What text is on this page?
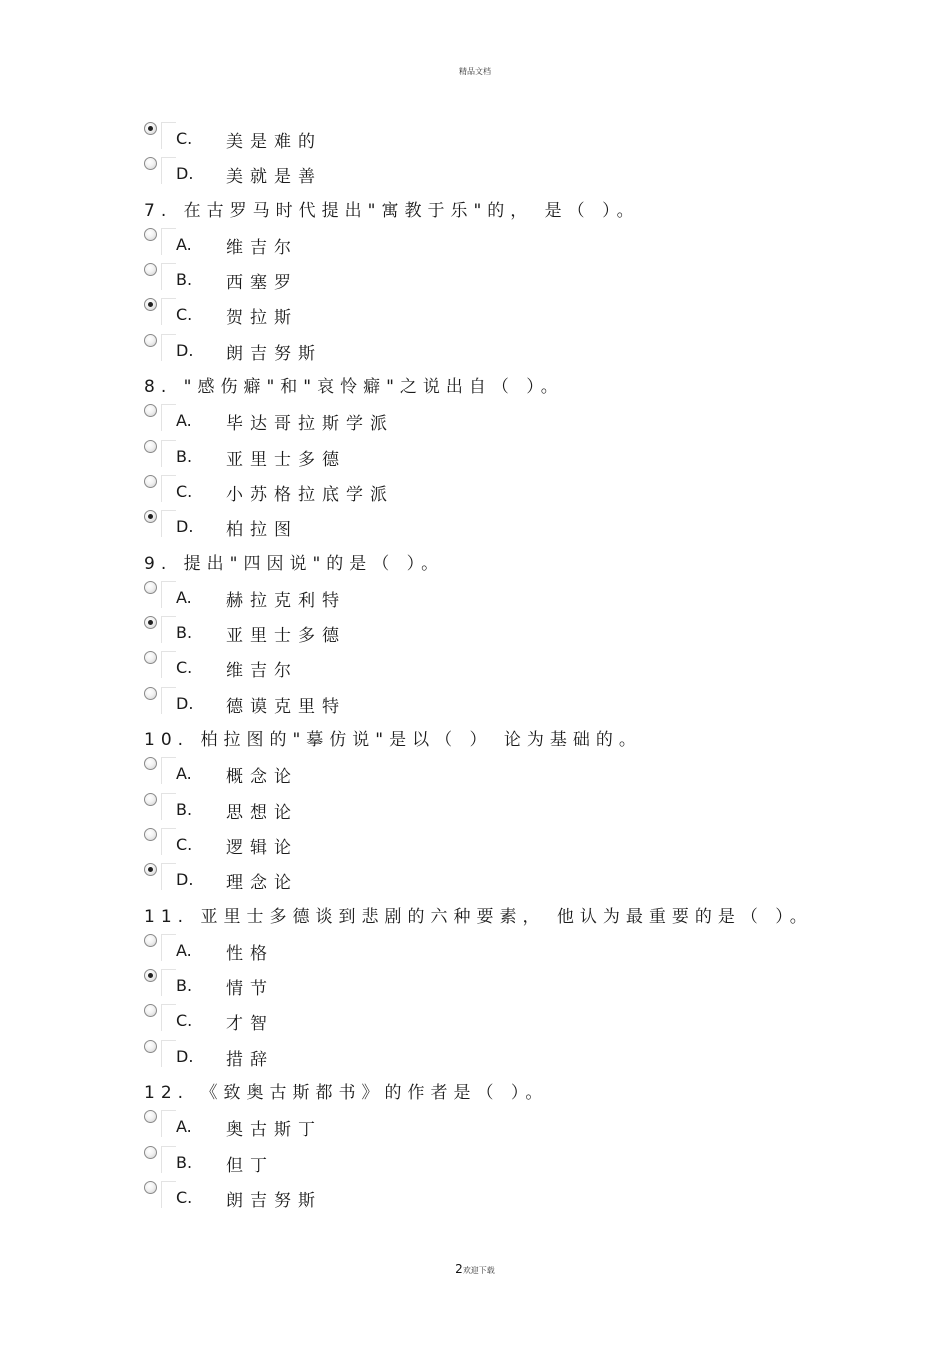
精品文档
C. 美是难的
D. 美就是善
7. 在古罗马时代提出"寓教于乐"的， 是（ ）。
A. 维吉尔
B. 西塞罗
C. 贺拉斯
D. 朗吉努斯
8. "感伤癖"和"哀怜癖"之说出自（ ）。
A. 毕达哥拉斯学派
B. 亚里士多德
C. 小苏格拉底学派
D. 柏拉图
9. 提出"四因说"的是（ ）。
A. 赫拉克利特
B. 亚里士多德
C. 维吉尔
D. 德谟克里特
10. 柏拉图的"摹仿说"是以（ ） 论为基础的。
A. 概念论
B. 思想论
C. 逻辑论
D. 理念论
11. 亚里士多德谈到悲剧的六种要素， 他认为最重要的是（ ）。
A. 性格
B. 情节
C. 才智
D. 措辞
12. 《致奥古斯都书》的作者是（ ）。
A. 奥古斯丁
B. 但丁
C. 朗吉努斯
2欢迎下载
